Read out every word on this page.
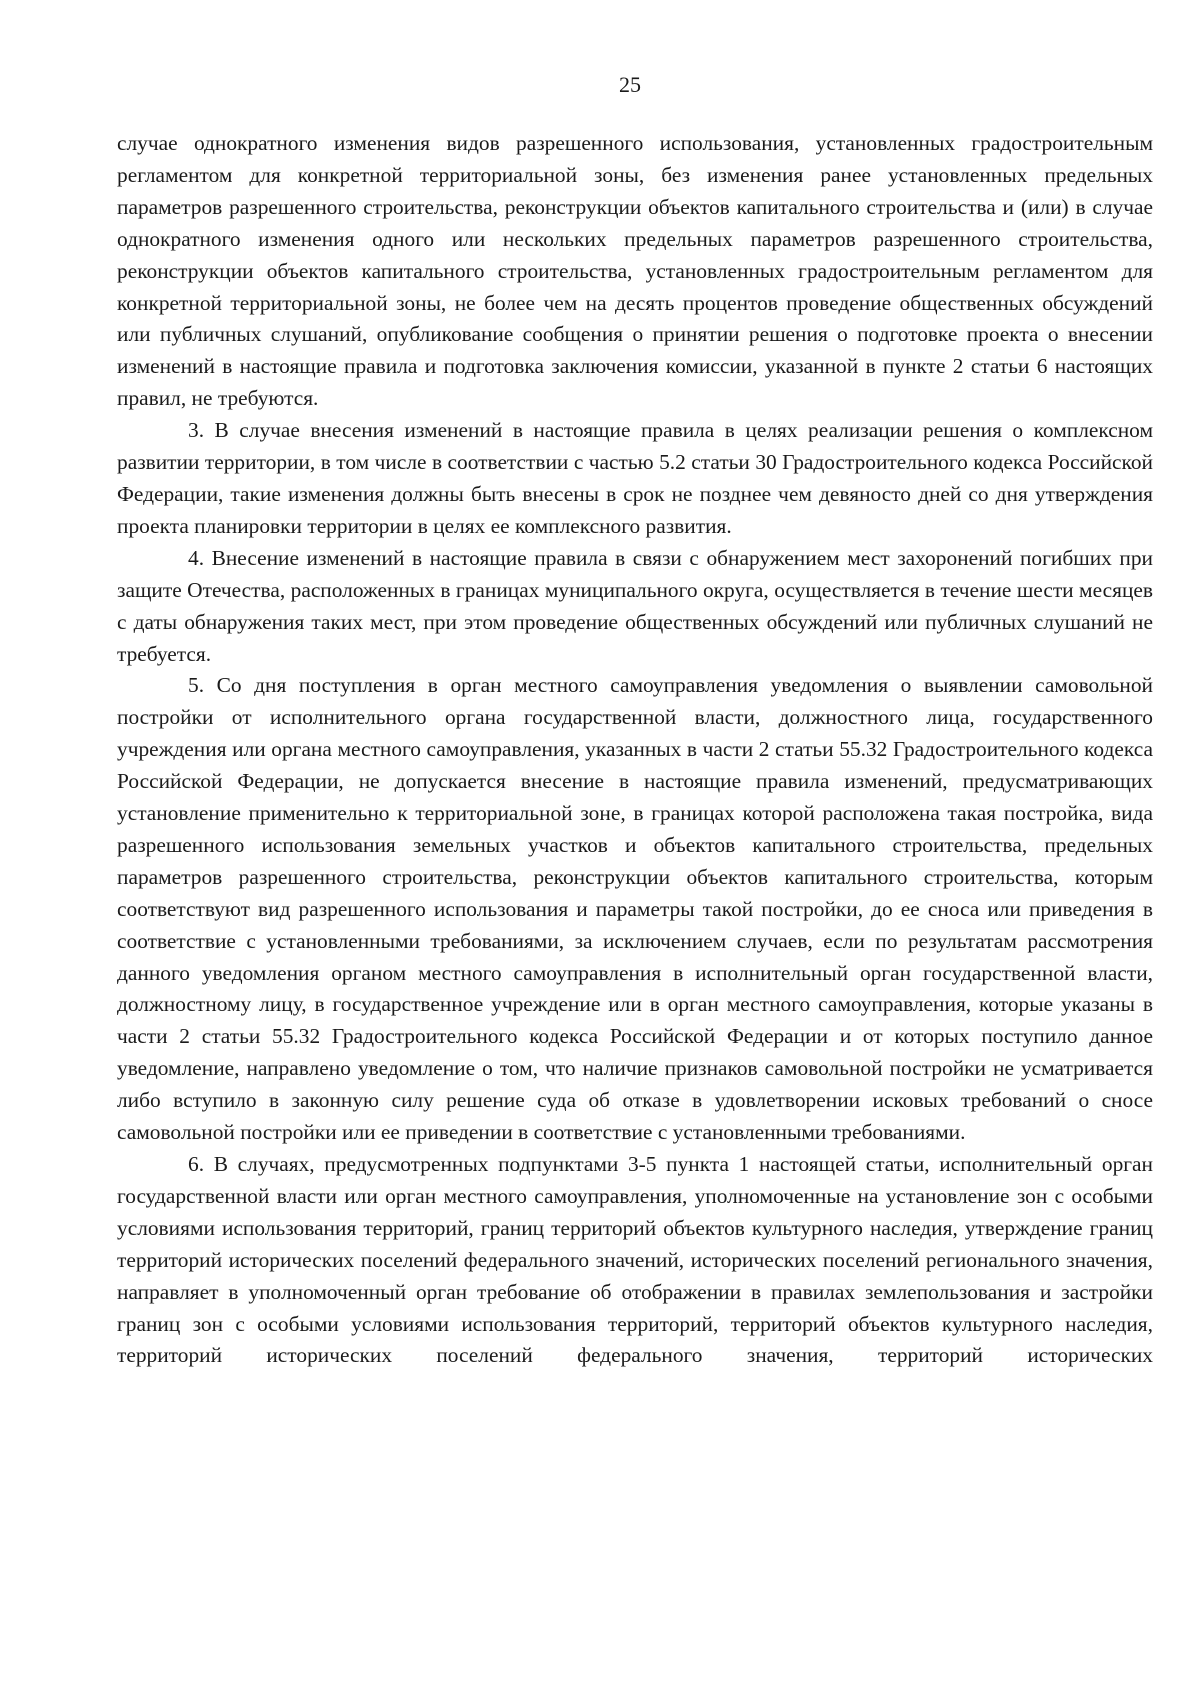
25

случае однократного изменения видов разрешенного использования, установленных градостроительным регламентом для конкретной территориальной зоны, без изменения ранее установленных предельных параметров разрешенного строительства, реконструкции объектов капитального строительства и (или) в случае однократного изменения одного или нескольких предельных параметров разрешенного строительства, реконструкции объектов капитального строительства, установленных градостроительным регламентом для конкретной территориальной зоны, не более чем на десять процентов проведение общественных обсуждений или публичных слушаний, опубликование сообщения о принятии решения о подготовке проекта о внесении изменений в настоящие правила и подготовка заключения комиссии, указанной в пункте 2 статьи 6 настоящих правил, не требуются.

3. В случае внесения изменений в настоящие правила в целях реализации решения о комплексном развитии территории, в том числе в соответствии с частью 5.2 статьи 30 Градостроительного кодекса Российской Федерации, такие изменения должны быть внесены в срок не позднее чем девяносто дней со дня утверждения проекта планировки территории в целях ее комплексного развития.

4. Внесение изменений в настоящие правила в связи с обнаружением мест захоронений погибших при защите Отечества, расположенных в границах муниципального округа, осуществляется в течение шести месяцев с даты обнаружения таких мест, при этом проведение общественных обсуждений или публичных слушаний не требуется.

5. Со дня поступления в орган местного самоуправления уведомления о выявлении самовольной постройки от исполнительного органа государственной власти, должностного лица, государственного учреждения или органа местного самоуправления, указанных в части 2 статьи 55.32 Градостроительного кодекса Российской Федерации, не допускается внесение в настоящие правила изменений, предусматривающих установление применительно к территориальной зоне, в границах которой расположена такая постройка, вида разрешенного использования земельных участков и объектов капитального строительства, предельных параметров разрешенного строительства, реконструкции объектов капитального строительства, которым соответствуют вид разрешенного использования и параметры такой постройки, до ее сноса или приведения в соответствие с установленными требованиями, за исключением случаев, если по результатам рассмотрения данного уведомления органом местного самоуправления в исполнительный орган государственной власти, должностному лицу, в государственное учреждение или в орган местного самоуправления, которые указаны в части 2 статьи 55.32 Градостроительного кодекса Российской Федерации и от которых поступило данное уведомление, направлено уведомление о том, что наличие признаков самовольной постройки не усматривается либо вступило в законную силу решение суда об отказе в удовлетворении исковых требований о сносе самовольной постройки или ее приведении в соответствие с установленными требованиями.

6. В случаях, предусмотренных подпунктами 3-5 пункта 1 настоящей статьи, исполнительный орган государственной власти или орган местного самоуправления, уполномоченные на установление зон с особыми условиями использования территорий, границ территорий объектов культурного наследия, утверждение границ территорий исторических поселений федерального значений, исторических поселений регионального значения, направляет в уполномоченный орган требование об отображении в правилах землепользования и застройки границ зон с особыми условиями использования территорий, территорий объектов культурного наследия, территорий исторических поселений федерального значения, территорий исторических
